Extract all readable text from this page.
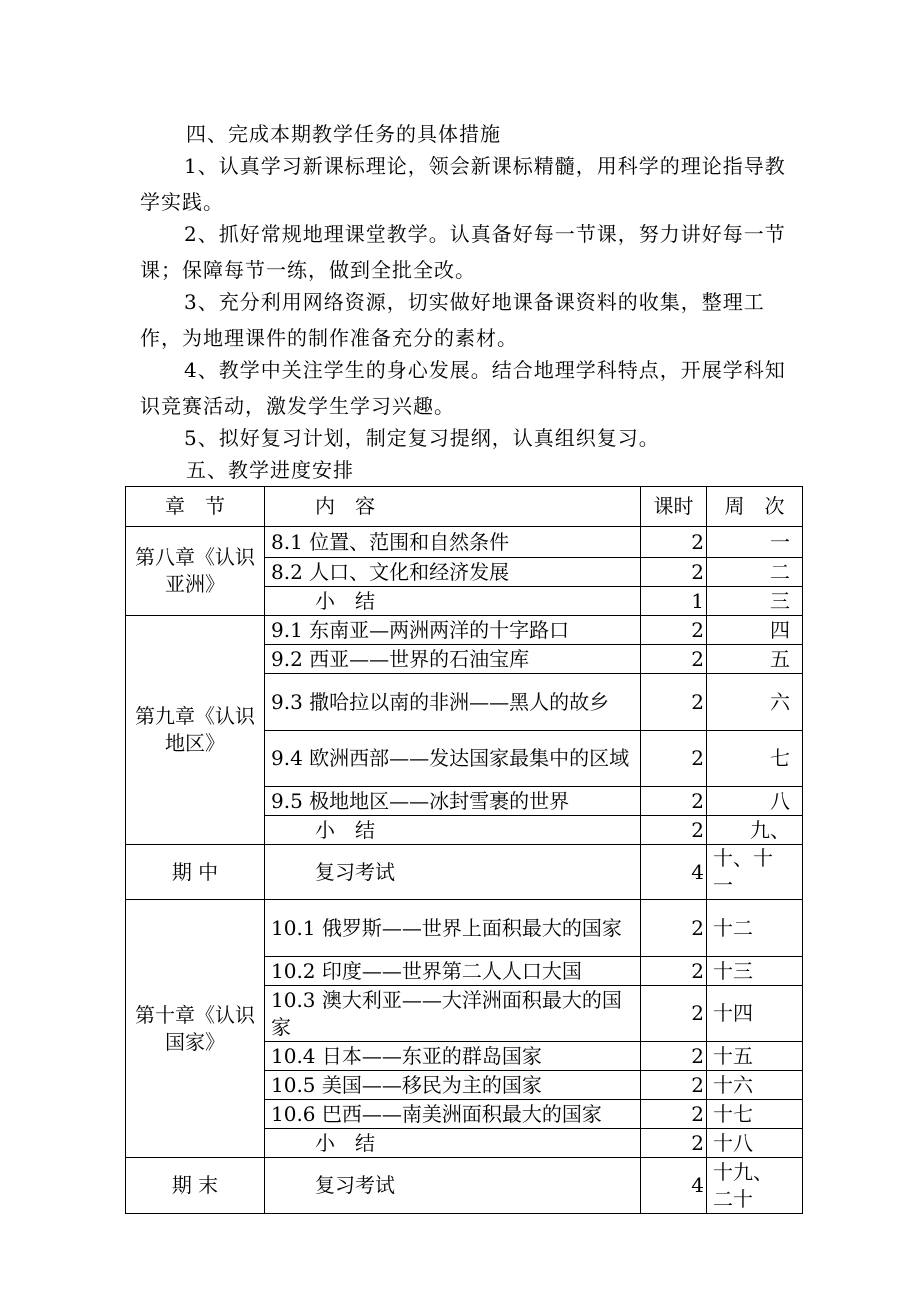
四、完成本期教学任务的具体措施
1、认真学习新课标理论，领会新课标精髓，用科学的理论指导教学实践。
2、抓好常规地理课堂教学。认真备好每一节课，努力讲好每一节课；保障每节一练，做到全批全改。
3、充分利用网络资源，切实做好地课备课资料的收集，整理工作，为地理课件的制作准备充分的素材。
4、教学中关注学生的身心发展。结合地理学科特点，开展学科知识竞赛活动，激发学生学习兴趣。
5、拟好复习计划，制定复习提纲，认真组织复习。
五、教学进度安排
章　节	内　容	课时	周　次
第八章《认识亚洲》	8.1 位置、范围和自然条件	2	一
	8.2 人口、文化和经济发展	2	二
	小　结	1	三
第九章《认识地区》	9.1 东南亚—两洲两洋的十字路口	2	四
	9.2 西亚——世界的石油宝库	2	五
	9.3 撒哈拉以南的非洲——黑人的故乡	2	六
	9.4 欧洲西部——发达国家最集中的区域	2	七
	9.5 极地地区——冰封雪裹的世界	2	八
	小　结	2	九、
期 中	复习考试	4	十、十一
第十章《认识国家》	10.1 俄罗斯——世界上面积最大的国家	2	十二
	10.2 印度——世界第二人人口大国	2	十三
	10.3 澳大利亚——大洋洲面积最大的国家	2	十四
	10.4 日本——东亚的群岛国家	2	十五
	10.5 美国——移民为主的国家	2	十六
	10.6 巴西——南美洲面积最大的国家	2	十七
	小　结	2	十八
期 末	复习考试	4	十九、二十
